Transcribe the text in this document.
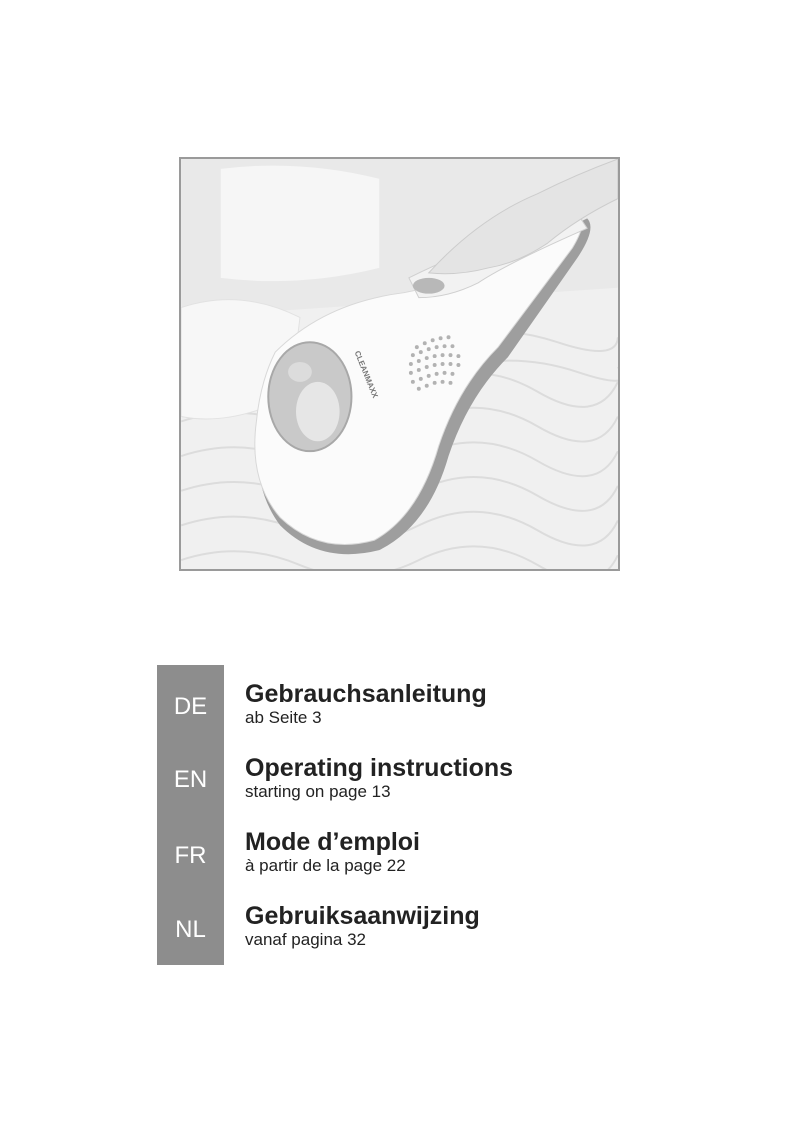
CLEANMAXX
DE
EN
FR
NL
Gebrauchsanleitung
ab Seite 3
Operating instructions
starting on page 13
Mode d’emploi
à partir de la page 22
Gebruiksaanwijzing
vanaf pagina 32
